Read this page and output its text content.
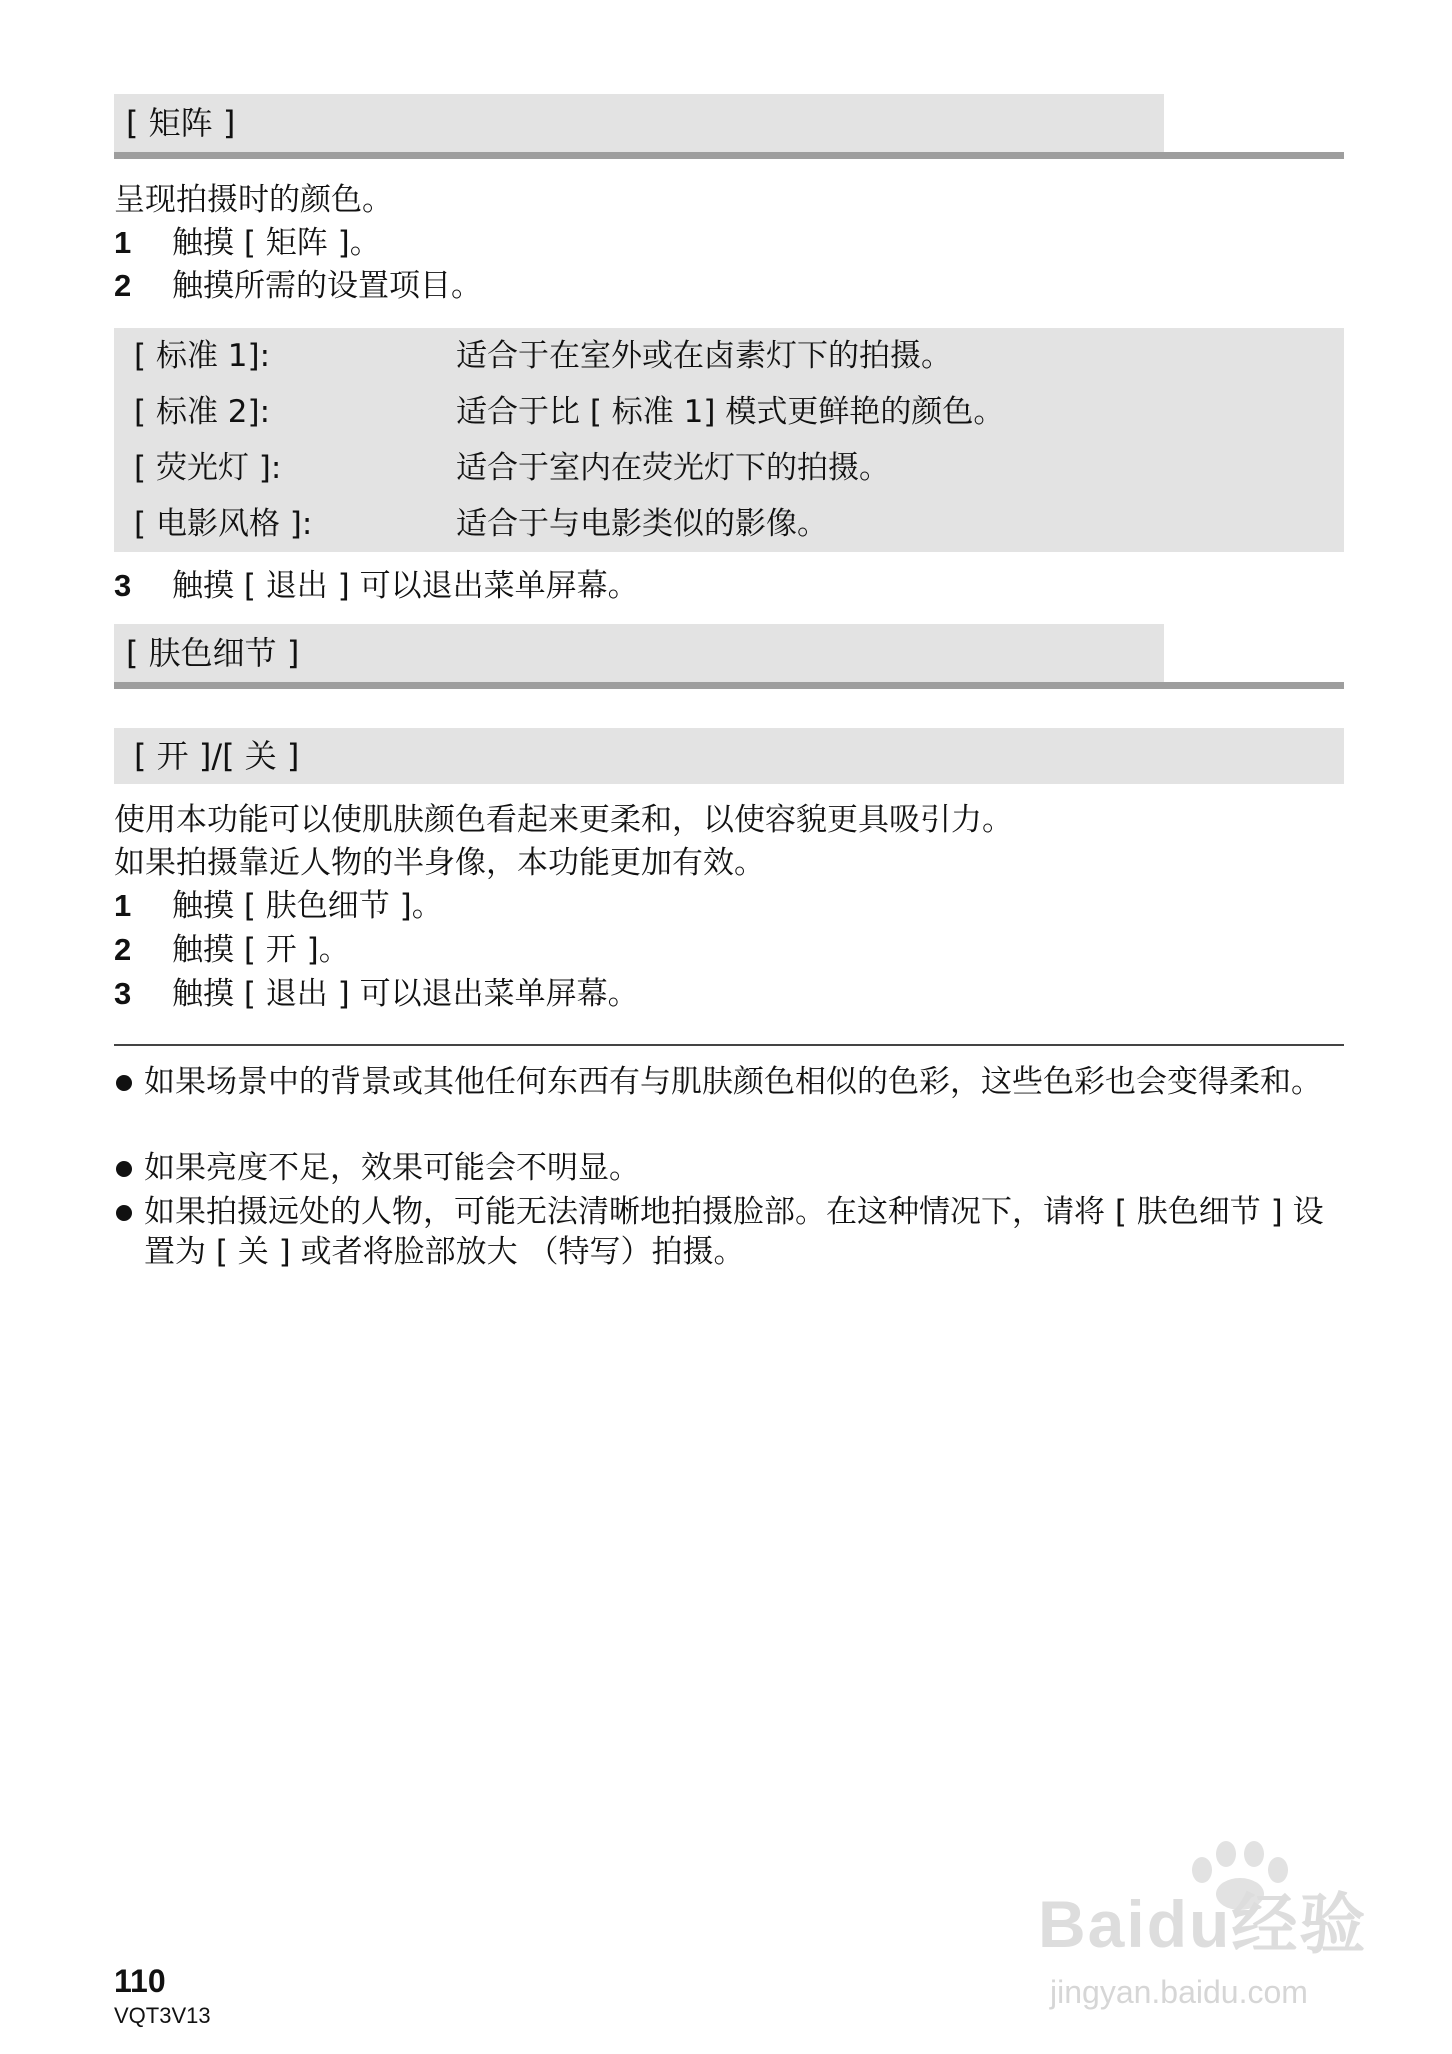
[ 矩阵 ]
呈现拍摄时的颜色。
1 触摸 [ 矩阵 ]。
2 触摸所需的设置项目。
[ 标准 1]:	适合于在室外或在卤素灯下的拍摄。
[ 标准 2]:	适合于比 [ 标准 1] 模式更鲜艳的颜色。
[ 荧光灯 ]:	适合于室内在荧光灯下的拍摄。
[ 电影风格 ]:	适合于与电影类似的影像。
3 触摸 [ 退出 ] 可以退出菜单屏幕。
[ 肤色细节 ]
[ 开 ]/[ 关 ]
使用本功能可以使肌肤颜色看起来更柔和，以使容貌更具吸引力。
如果拍摄靠近人物的半身像，本功能更加有效。
1 触摸 [ 肤色细节 ]。
2 触摸 [ 开 ]。
3 触摸 [ 退出 ] 可以退出菜单屏幕。
如果场景中的背景或其他任何东西有与肌肤颜色相似的色彩，这些色彩也会变得柔和。
如果亮度不足，效果可能会不明显。
如果拍摄远处的人物，可能无法清晰地拍摄脸部。在这种情况下，请将 [ 肤色细节 ] 设置为 [ 关 ] 或者将脸部放大 （特写）拍摄。
110
VQT3V13
Baidu经验
jingyan.baidu.com
